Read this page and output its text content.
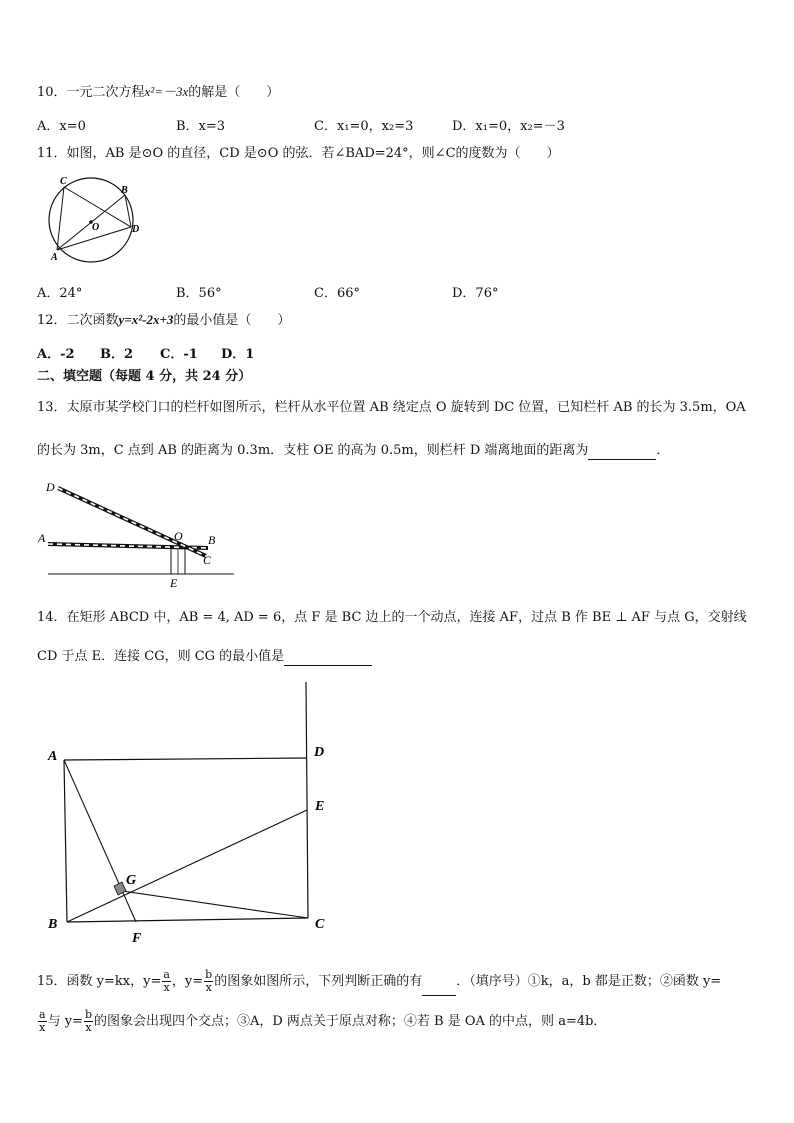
10．一元二次方程x²=－3x的解是（　　）
A．x=0	B．x=3	C．x₁=0，x₂=3	D．x₁=0，x₂=－3
11．如图，AB 是⊙O 的直径，CD 是⊙O 的弦．若∠BAD=24°，则∠C的度数为（　　）
C
B
O	D
A
A．24°	B．56°	C．66°	D．76°
12．二次函数y=x²-2x+3的最小值是（　　）
A．-2 B．2 C．-1 D．1
二、填空题（每题 4 分，共 24 分）
13．太原市某学校门口的栏杆如图所示，栏杆从水平位置 AB 绕定点 O 旋转到 DC 位置，已知栏杆 AB 的长为 3.5m，OA
的长为 3m，C 点到 AB 的距离为 0.3m．支柱 OE 的高为 0.5m，则栏杆 D 端离地面的距离为	．
D
A	O B
C
E
14．在矩形 ABCD 中，AB = 4, AD = 6，点 F 是 BC 边上的一个动点，连接 AF，过点 B 作 BE ⊥ AF 与点 G，交射线
CD 于点 E．连接 CG，则 CG 的最小值是
A	D
E
G
B
F
C
15．函数 y=kx，$y= \frac{a}{x}$ ，$y= \frac{b}{x}$ 的图象如图所示，下列判断正确的有	．（填序号）①k，a，b 都是正数；②函数 y=
$\frac{a}{x}$ 与 $y= \frac{b}{x}$ 的图象会出现四个交点；③A，D 两点关于原点对称；④若 B 是 OA 的中点，则 a=4b．
